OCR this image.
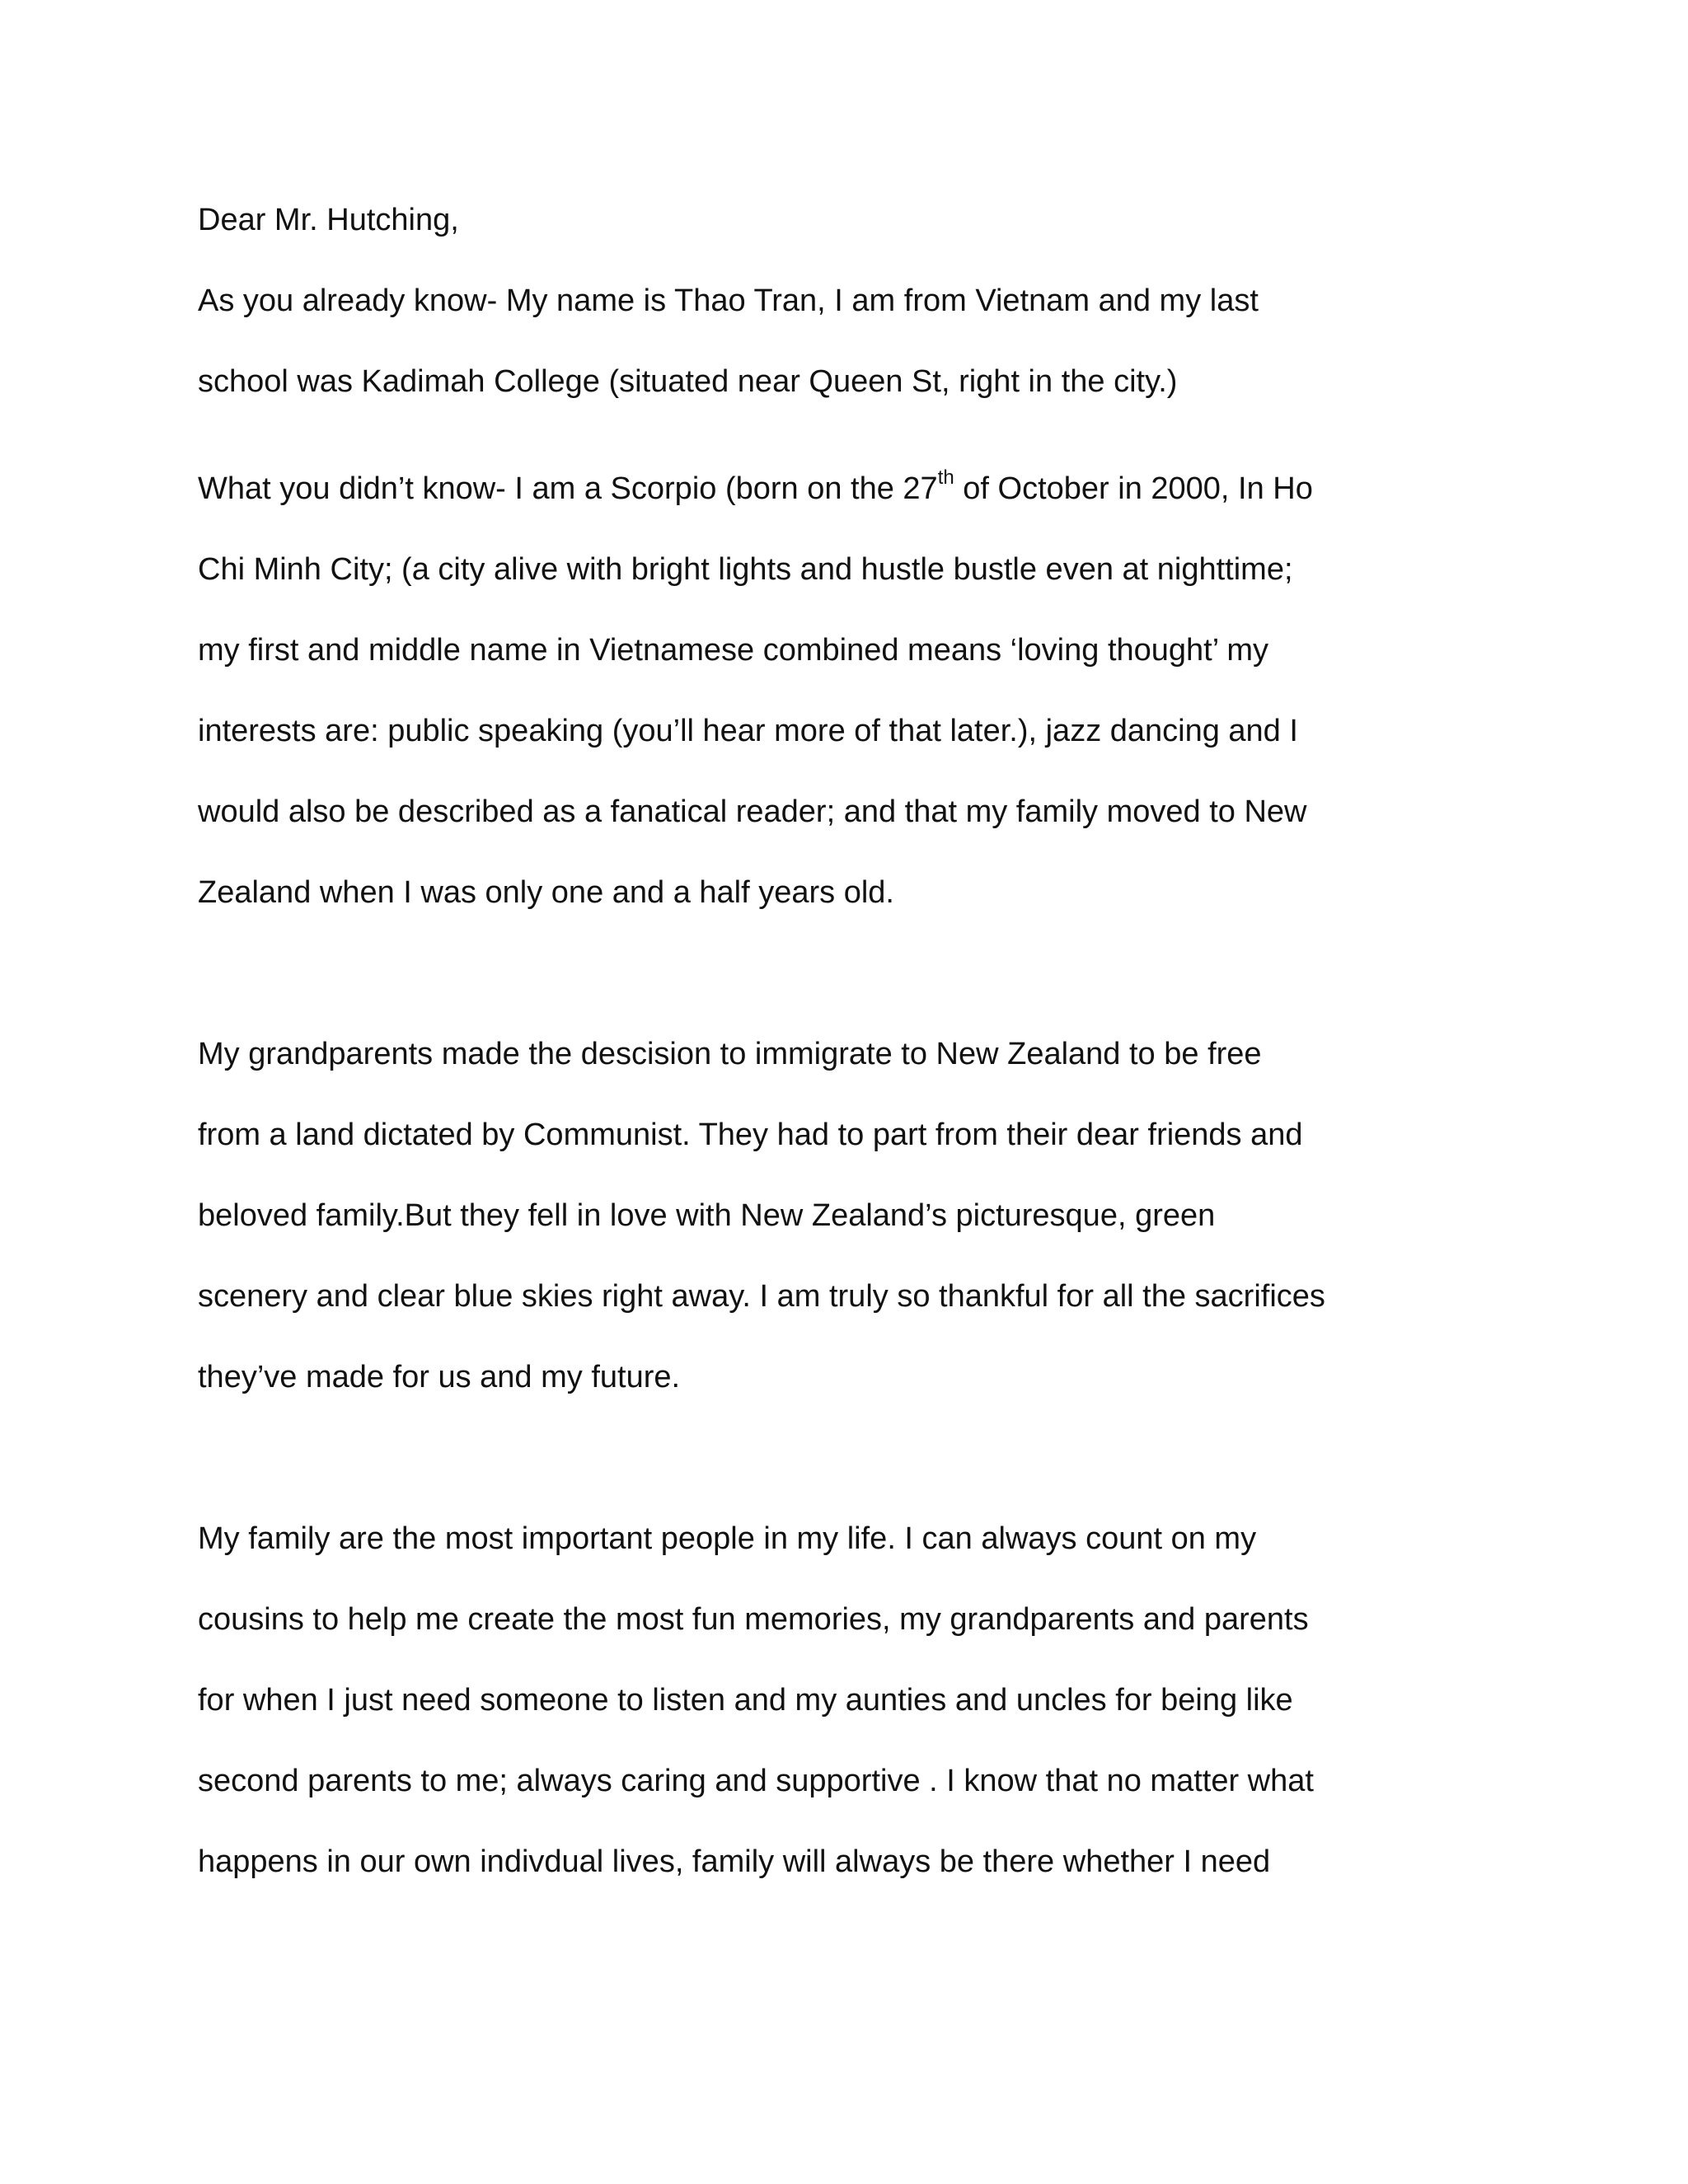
Dear Mr. Hutching,
As you already know- My name is Thao Tran, I am from Vietnam and my last
school was Kadimah College (situated near Queen St, right in the city.)
What you didn’t know- I am a Scorpio (born on the 27th of October in 2000, In Ho
Chi Minh City; (a city alive with bright lights and hustle bustle even at nighttime;
my first and middle name in Vietnamese combined means ‘loving thought’ my
interests are: public speaking (you’ll hear more of that later.), jazz dancing and I
would also be described as a fanatical reader; and that my family moved to New
Zealand when I was only one and a half years old.
My grandparents made the descision to immigrate to New Zealand to be free
from a land dictated by Communist. They had to part from their dear friends and
beloved family.But they fell in love with New Zealand’s picturesque, green
scenery and clear blue skies right away. I am truly so thankful for all the sacrifices
they’ve made for us and my future.
My family are the most important people in my life. I can always count on my
cousins to help me create the most fun memories, my grandparents and parents
for when I just need someone to listen and my aunties and uncles for being like
second parents to me; always caring and supportive . I know that no matter what
happens in our own indivdual lives, family will always be there whether I need
